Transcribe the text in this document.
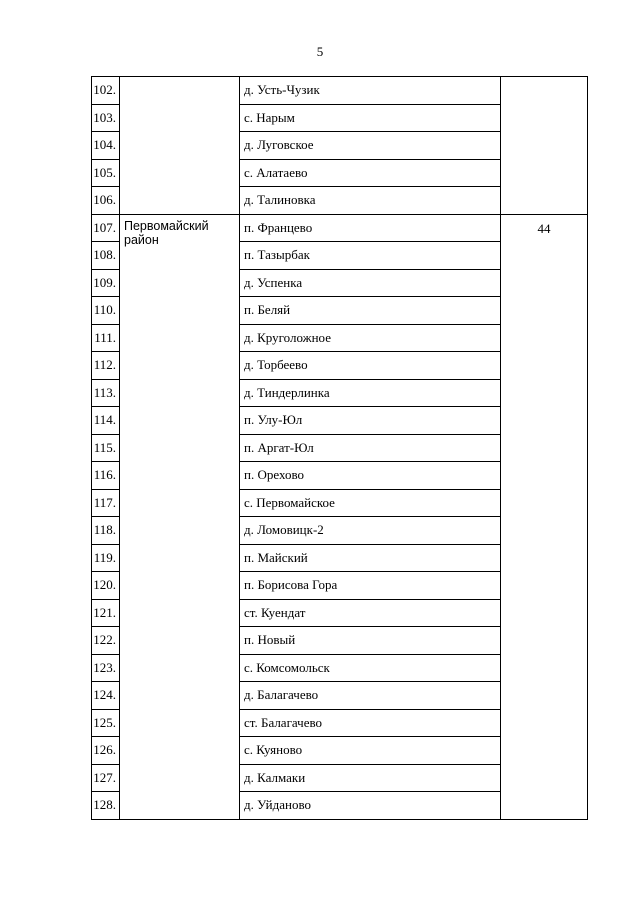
5
102.		д. Усть-Чузик	
103.		с. Нарым	
104.		д. Луговское	
105.		с. Алатаево	
106.		д. Талиновка	
107.	Первомайский район	п. Францево	44
108.		п. Тазырбак	
109.		д. Успенка	
110.		п. Беляй	
111.		д. Круголожное	
112.		д. Торбеево	
113.		д. Тиндерлинка	
114.		п. Улу-Юл	
115.		п. Аргат-Юл	
116.		п. Орехово	
117.		с. Первомайское	
118.		д. Ломовицк-2	
119.		п. Майский	
120.		п. Борисова Гора	
121.		ст. Куендат	
122.		п. Новый	
123.		с. Комсомольск	
124.		д. Балагачево	
125.		ст. Балагачево	
126.		с. Куяново	
127.		д. Калмаки	
128.		д. Уйданово	
